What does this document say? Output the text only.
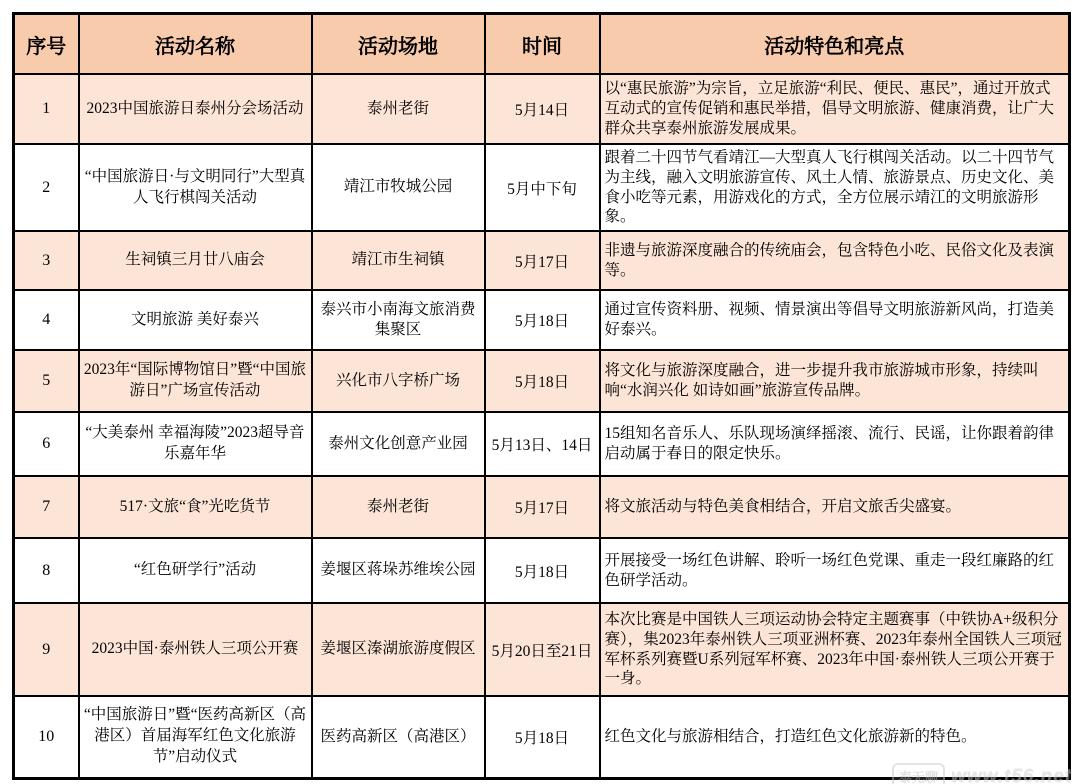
序号	活动名称	活动场地	时间	活动特色和亮点
1	2023中国旅游日泰州分会场活动	泰州老街	5月14日	以“惠民旅游”为宗旨，立足旅游“利民、便民、惠民”，通过开放式互动式的宣传促销和惠民举措，倡导文明旅游、健康消费，让广大群众共享泰州旅游发展成果。
2	“中国旅游日·与文明同行”大型真人飞行棋闯关活动	靖江市牧城公园	5月中下旬	跟着二十四节气看靖江—大型真人飞行棋闯关活动。以二十四节气为主线，融入文明旅游宣传、风土人情、旅游景点、历史文化、美食小吃等元素，用游戏化的方式，全方位展示靖江的文明旅游形象。
3	生祠镇三月廿八庙会	靖江市生祠镇	5月17日	非遗与旅游深度融合的传统庙会，包含特色小吃、民俗文化及表演等。
4	文明旅游 美好泰兴	泰兴市小南海文旅消费集聚区	5月18日	通过宣传资料册、视频、情景演出等倡导文明旅游新风尚，打造美好泰兴。
5	2023年“国际博物馆日”暨“中国旅游日”广场宣传活动	兴化市八字桥广场	5月18日	将文化与旅游深度融合，进一步提升我市旅游城市形象，持续叫响“水润兴化 如诗如画”旅游宣传品牌。
6	“大美泰州 幸福海陵”2023超导音乐嘉年华	泰州文化创意产业园	5月13日、14日	15组知名音乐人、乐队现场演绎摇滚、流行、民谣，让你跟着韵律启动属于春日的限定快乐。
7	517·文旅“食”光吃货节	泰州老街	5月17日	将文旅活动与特色美食相结合，开启文旅舌尖盛宴。
8	“红色研学行”活动	姜堰区蒋垛苏维埃公园	5月18日	开展接受一场红色讲解、聆听一场红色党课、重走一段红廉路的红色研学活动。
9	2023中国·泰州铁人三项公开赛	姜堰区溱湖旅游度假区	5月20日至21日	本次比赛是中国铁人三项运动协会特定主题赛事（中铁协A+级积分赛），集2023年泰州铁人三项亚洲杯赛、2023年泰州全国铁人三项冠军杯系列赛暨U系列冠军杯赛、2023年中国·泰州铁人三项公开赛于一身。
10	“中国旅游日”暨“医药高新区（高港区）首届海军红色文化旅游节”启动仪式	医药高新区（高港区）	5月18日	红色文化与旅游相结合，打造红色文化旅游新的特色。
泰无聊 www.t56.net
